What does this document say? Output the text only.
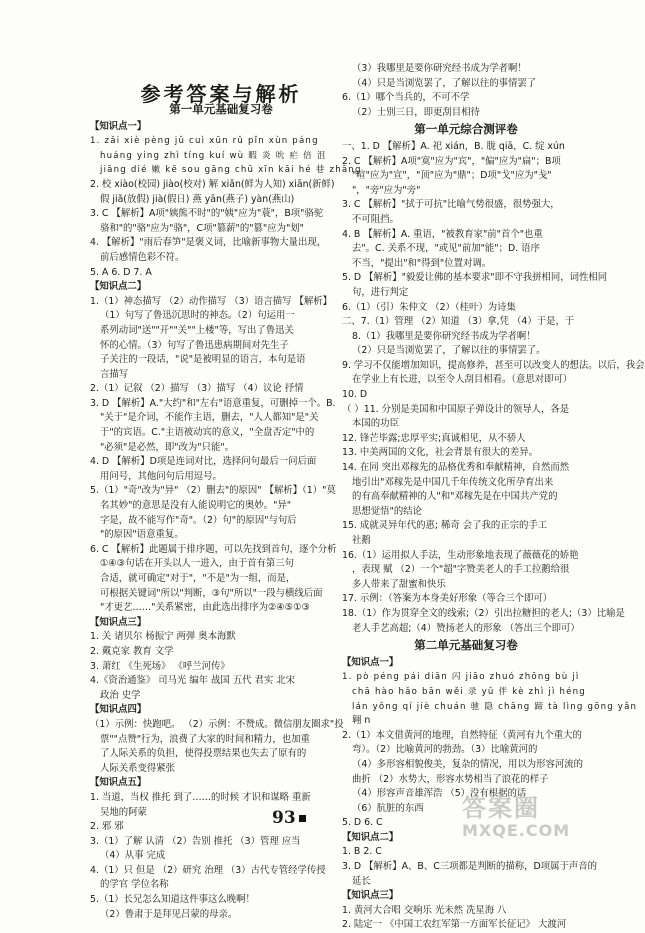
参考答案与解析
第一单元基础复习卷
【知识点一】
1. zǎi xiè pèng jǔ cuì xūn rǔ pǐn xùn páng
huáng ying zhì tíng kuí wù 暇 炎 吮 疟 倍 沮
jiāng dié 嫩 kē sou gāng chū xīn kāi hé 巷 zhāng
2. 校 xiào(校园) jiào(校对) 解 xiǎn(鲜为人知) xiān(新鲜)
假 jiǎ(放假) jià(假日) 燕 yān(燕子) yàn(燕山)
3. C 【解析】A项"姨熊不时"的"姨"应为"蓑"，B项"骆驼
骆和"的"骆"应为"骆"，C项"篡薪"的"篡"应为"划"
4. 【解析】"雨后春笋"是褒义词，比喻新事物大量出现，
前后感情色彩不符。
5. A 6. D 7. A
【知识点二】
1.（1）神态描写 （2）动作描写 （3）语言描写 【解析】
（1）句写了鲁迅沉思时的神态。（2）句运用一
系列动词"送""开""关""上楼"等，写出了鲁迅关
怀的心情。（3）句写了鲁迅患病期间对先生子
子关注的一段话，"说"是被明显的语言，本句是语
言描写
2.（1）记叙 （2）描写 （3）描写 （4）议论 抒情
3. D 【解析】A."大约"和"左右"语意重复，可删掉一个。B.
"关于"是介词，不能作主语，删去，"人人都知"是"关
于"的宾语。C."主语被动宾的意义，"全盘否定"中的
"必须"是必然，即"改为"只能"。
4. D 【解析】D项是连词对比，选择问句最后一问后面
用问号，其他问句后用逗号。
5.（1）"奇"改为"异" （2）删去"的原因" 【解析】（1）"莫
名其妙"的意思是没有人能说明它的奥妙。"异"
字是，故不能写作"奇"。（2）句"的原因"与句后
"的原因"语意重复。
6. C 【解析】此题属于排序题，可以先找到首句，逐个分析
①④③句话在开头以人一进入，由于首有第三句
合适，就可确定"对于"，"不是"为一组，而是，
可根据关键词"所以"判断，③句"所以"一段与横线后面
"才更艺……"关系紧密，由此选出排序为②④⑤①③
【知识点三】
1. 关 诸贝尔 杨振宁 两弹 奥本海默
2. 戴克家 教育 文学
3. 萧红 《生死场》 《呼兰河传》
4.《资治通鉴》 司马光 编年 战国 五代 君实 北宋
政治 史学
【知识点四】
（1）示例：快跑吧。 （2）示例：不赞成。微信朋友圈求"投
票""点赞"行为，浪费了大家的时间和精力，也加重
了人际关系的负担，使得投票结果也失去了原有的
人际关系变得紧张
【知识点五】
1. 当道，当权 推托 到了……的时候 才识和谋略 重新
吴地的阿蒙
2. 邪 邪
3.（1）了解 认清 （2）告别 推托 （3）管理 应当
（4）从事 完成
4.（1）只 但是 （2）研究 治理 （3）古代专管经学传授
的学官 学位名称
5.（1）长兄怎么知道这件事这么晚啊！
（2）鲁肃于是拜见吕蒙的母亲。
（3）我哪里是要你研究经书成为学者啊！
（4）只是当浏览罢了，了解以往的事情罢了
6.（1）哪个当兵的，不可不学
（2）士别三日，即更刮目相待
第一单元综合测评卷
一、1. D 【解析】A. 祀 xián，B. 胧 qiā，C. 绽 xún
2. C 【解析】A项"寞"应为"宾"，"偏"应为"扁"；B项
"喧"应为"宣"，"顶"应为"鼎"；D项"戈"应为"戋"
"，"旁"应为"旁"
3. C 【解析】"拭于可抗"比喻气势很盛，很势强大，
不可阻挡。
4. B 【解析】A. 重语，"被教育家"前"首个"也重
去"。C. 关系不现，"或见"前加"能"；D. 语序
不当，"提出"和"得到"位置对调。
5. D 【解析】"毅爱让佛的基本要求"即不守我拼相同，词性相同
句，进行判定
6.（1）（引）朱仲文 （2）（桂叶）为诗集
二、7.（1）管理 （2）知道 （3）拿,凭 （4）于是，于
8.（1）我哪里是要你研究经书成为学者啊！
（2）只是当浏览罢了，了解以往的事情罢了。
9. 学习不仅能增加知识，提高修养，甚至可以改变人的想法。以后，我会
在学业上有长进，以至令人刮目相看。（意思对即可）
10. D
（ ）11. 分别是美国和中国原子弹设计的领导人，各是
本国的功臣
12. 锋芒毕露;忠厚平实;真诚相见，从不骄人
13. 中美两国的文化，社会背景有很大的差异。
14. 在同 突出邓稼先的品格优秀和奉献精神，自然而然
地引出"邓稼先是中国几千年传统文化所孕育出来
的有高奉献精神的人"和"邓稼先是在中国共产党的
思想觉悟"的结论
15. 成就灵异年代的惠; 稀奇 会了我的正宗的手工
社鹅
16.（1）运用拟人手法，生动形象地表现了薇薇花的娇艳
，表现 赋 （2）一个"超"字赞美老人的手工拉鹅给很
多人带来了甜蜜和快乐
17. 示例：（答案为本身美好形象（等合三个即可）
18.（1）作为贯穿全文的线索;（2）引出拉糖担的老人;（3）比喻是
老人手艺高超;（4）赞扬老人的形象 （答出三个即可）
第二单元基础复习卷
【知识点一】
1. pò péng pái diān 闪 jiāo zhuó zhōng bù jì
chā hào hǎo bān wěi 录 yǔ 伴 kè zhì jì héng
lán yǒng qí jiè chuán 驰 隐 chāng 蹄 tà lìng gōng yǎn
翱 n
2.（1）本文借黄河的地理，自然特征（黄河有九个重大的
弯）。（2）比喻黄河的勃劲。（3）比喻黄河的
（4）多形容相貌俊美，复杂的情况，用以为形容河流的
曲折 （2）水势大，形容水势相当了浪花的样子
（4）形容声音雄浑浩 （5）没有根据的话
（6）肮脏的东西
5. D 6. C
【知识点二】
1. B 2. C
3. D 【解析】A、B、C三项都是判断的描称，D项属于声音的
延长
【知识点三】
1. 黄河大合唱 交响乐 光未然 冼星海 八
2. 陆定一 《中国工农红军第一方面军长征记》 大渡河
93	答案圈
MXQE.COM
